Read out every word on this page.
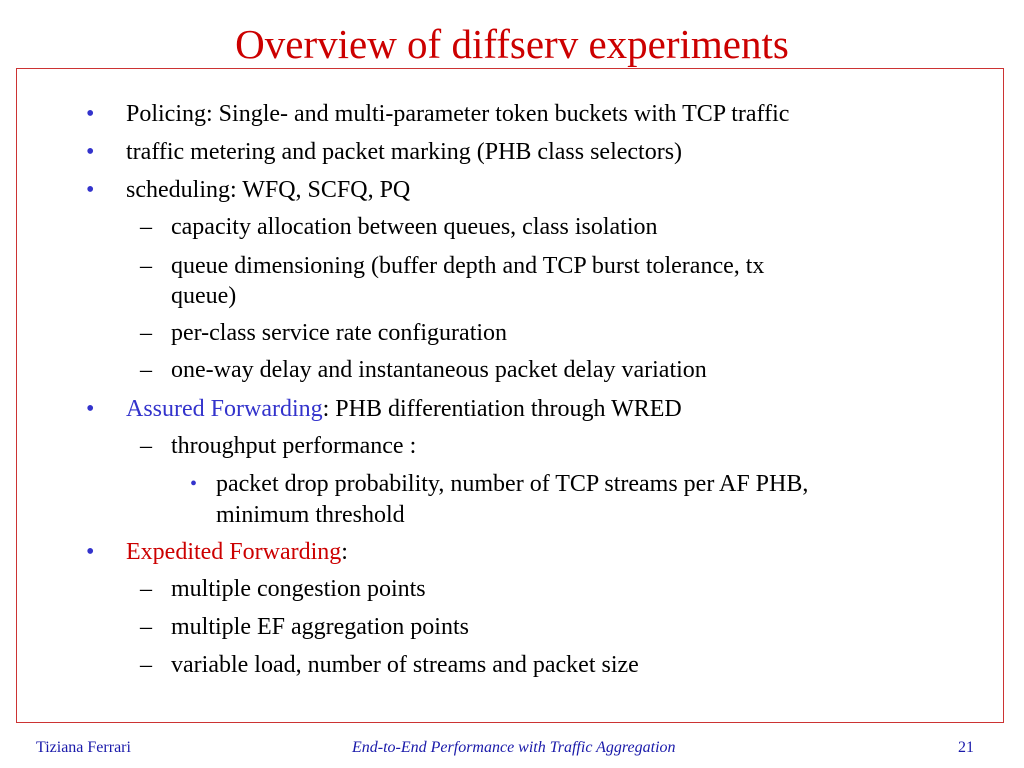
Overview of diffserv experiments
• Policing: Single- and multi-parameter token buckets with TCP traffic
• traffic metering and packet marking (PHB class selectors)
• scheduling: WFQ, SCFQ, PQ
– capacity allocation between queues, class isolation
– queue dimensioning (buffer depth and TCP burst tolerance, tx
queue)
– per-class service rate configuration
– one-way delay and instantaneous packet delay variation
• Assured Forwarding: PHB differentiation through WRED
– throughput performance :
• packet drop probability, number of TCP streams per AF PHB,
minimum threshold
• Expedited Forwarding:
– multiple congestion points
– multiple EF aggregation points
– variable load, number of streams and packet size
Tiziana Ferrari	End-to-End Performance with Traffic Aggregation	21
